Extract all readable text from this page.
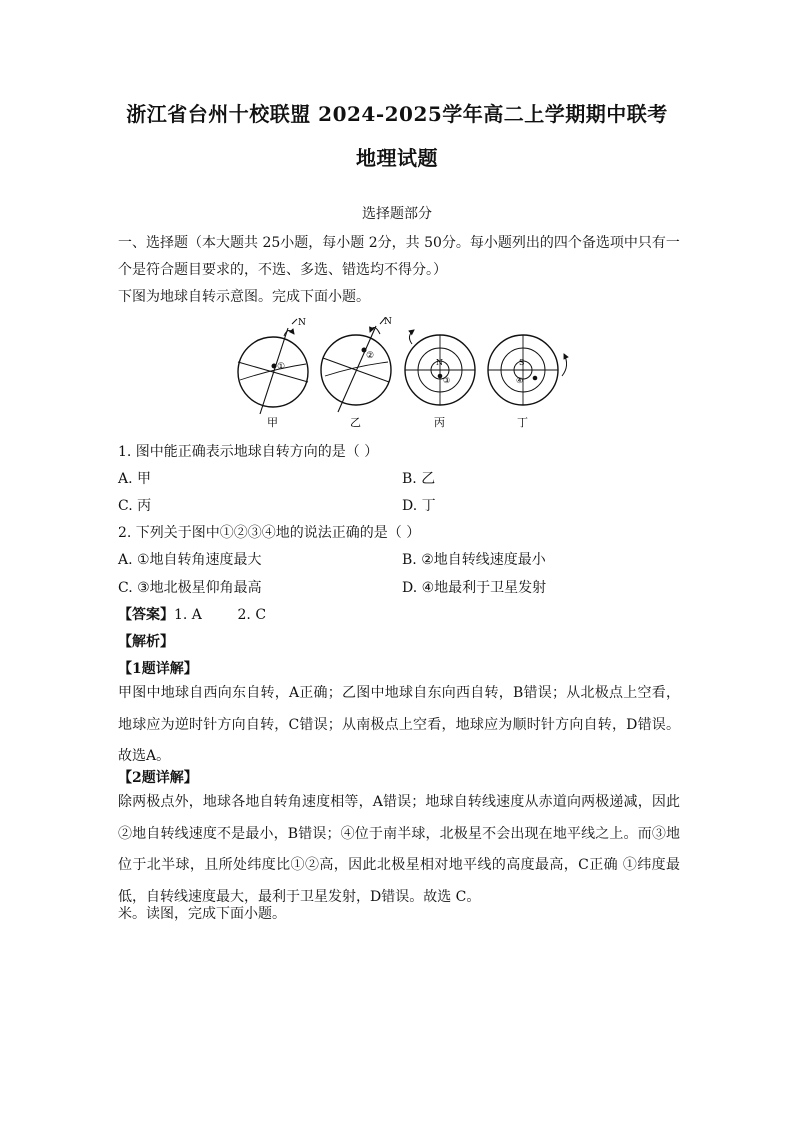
浙江省台州十校联盟 2024-2025学年高二上学期期中联考
地理试题
选择题部分
一、选择题（本大题共 25小题，每小题 2分，共 50分。每小题列出的四个备选项中只有一
个是符合题目要求的，不选、多选、错选均不得分。）
下图为地球自转示意图。完成下面小题。
N
①
甲
N
②
乙
N
③
丙
S
④
丁
1. 图中能正确表示地球自转方向的是（ ）
A. 甲	B. 乙
C. 丙	D. 丁
2. 下列关于图中①②③④地的说法正确的是（ ）
A. ①地自转角速度最大	B. ②地自转线速度最小
C. ③地北极星仰角最高	D. ④地最利于卫星发射
【答案】1. A        2. C
【解析】
【1题详解】
甲图中地球自西向东自转，A正确；乙图中地球自东向西自转，B错误；从北极点上空看，地球应为逆时针方向自转，C错误；从南极点上空看，地球应为顺时针方向自转，D错误。故选A。
【2题详解】
除两极点外，地球各地自转角速度相等，A错误；地球自转线速度从赤道向两极递减，因此②地自转线速度不是最小，B错误；④位于南半球，北极星不会出现在地平线之上。而③地位于北半球，且所处纬度比①②高，因此北极星相对地平线的高度最高，C正确 ①纬度最低，自转线速度最大，最利于卫星发射，D错误。故选 C。
米。读图，完成下面小题。
